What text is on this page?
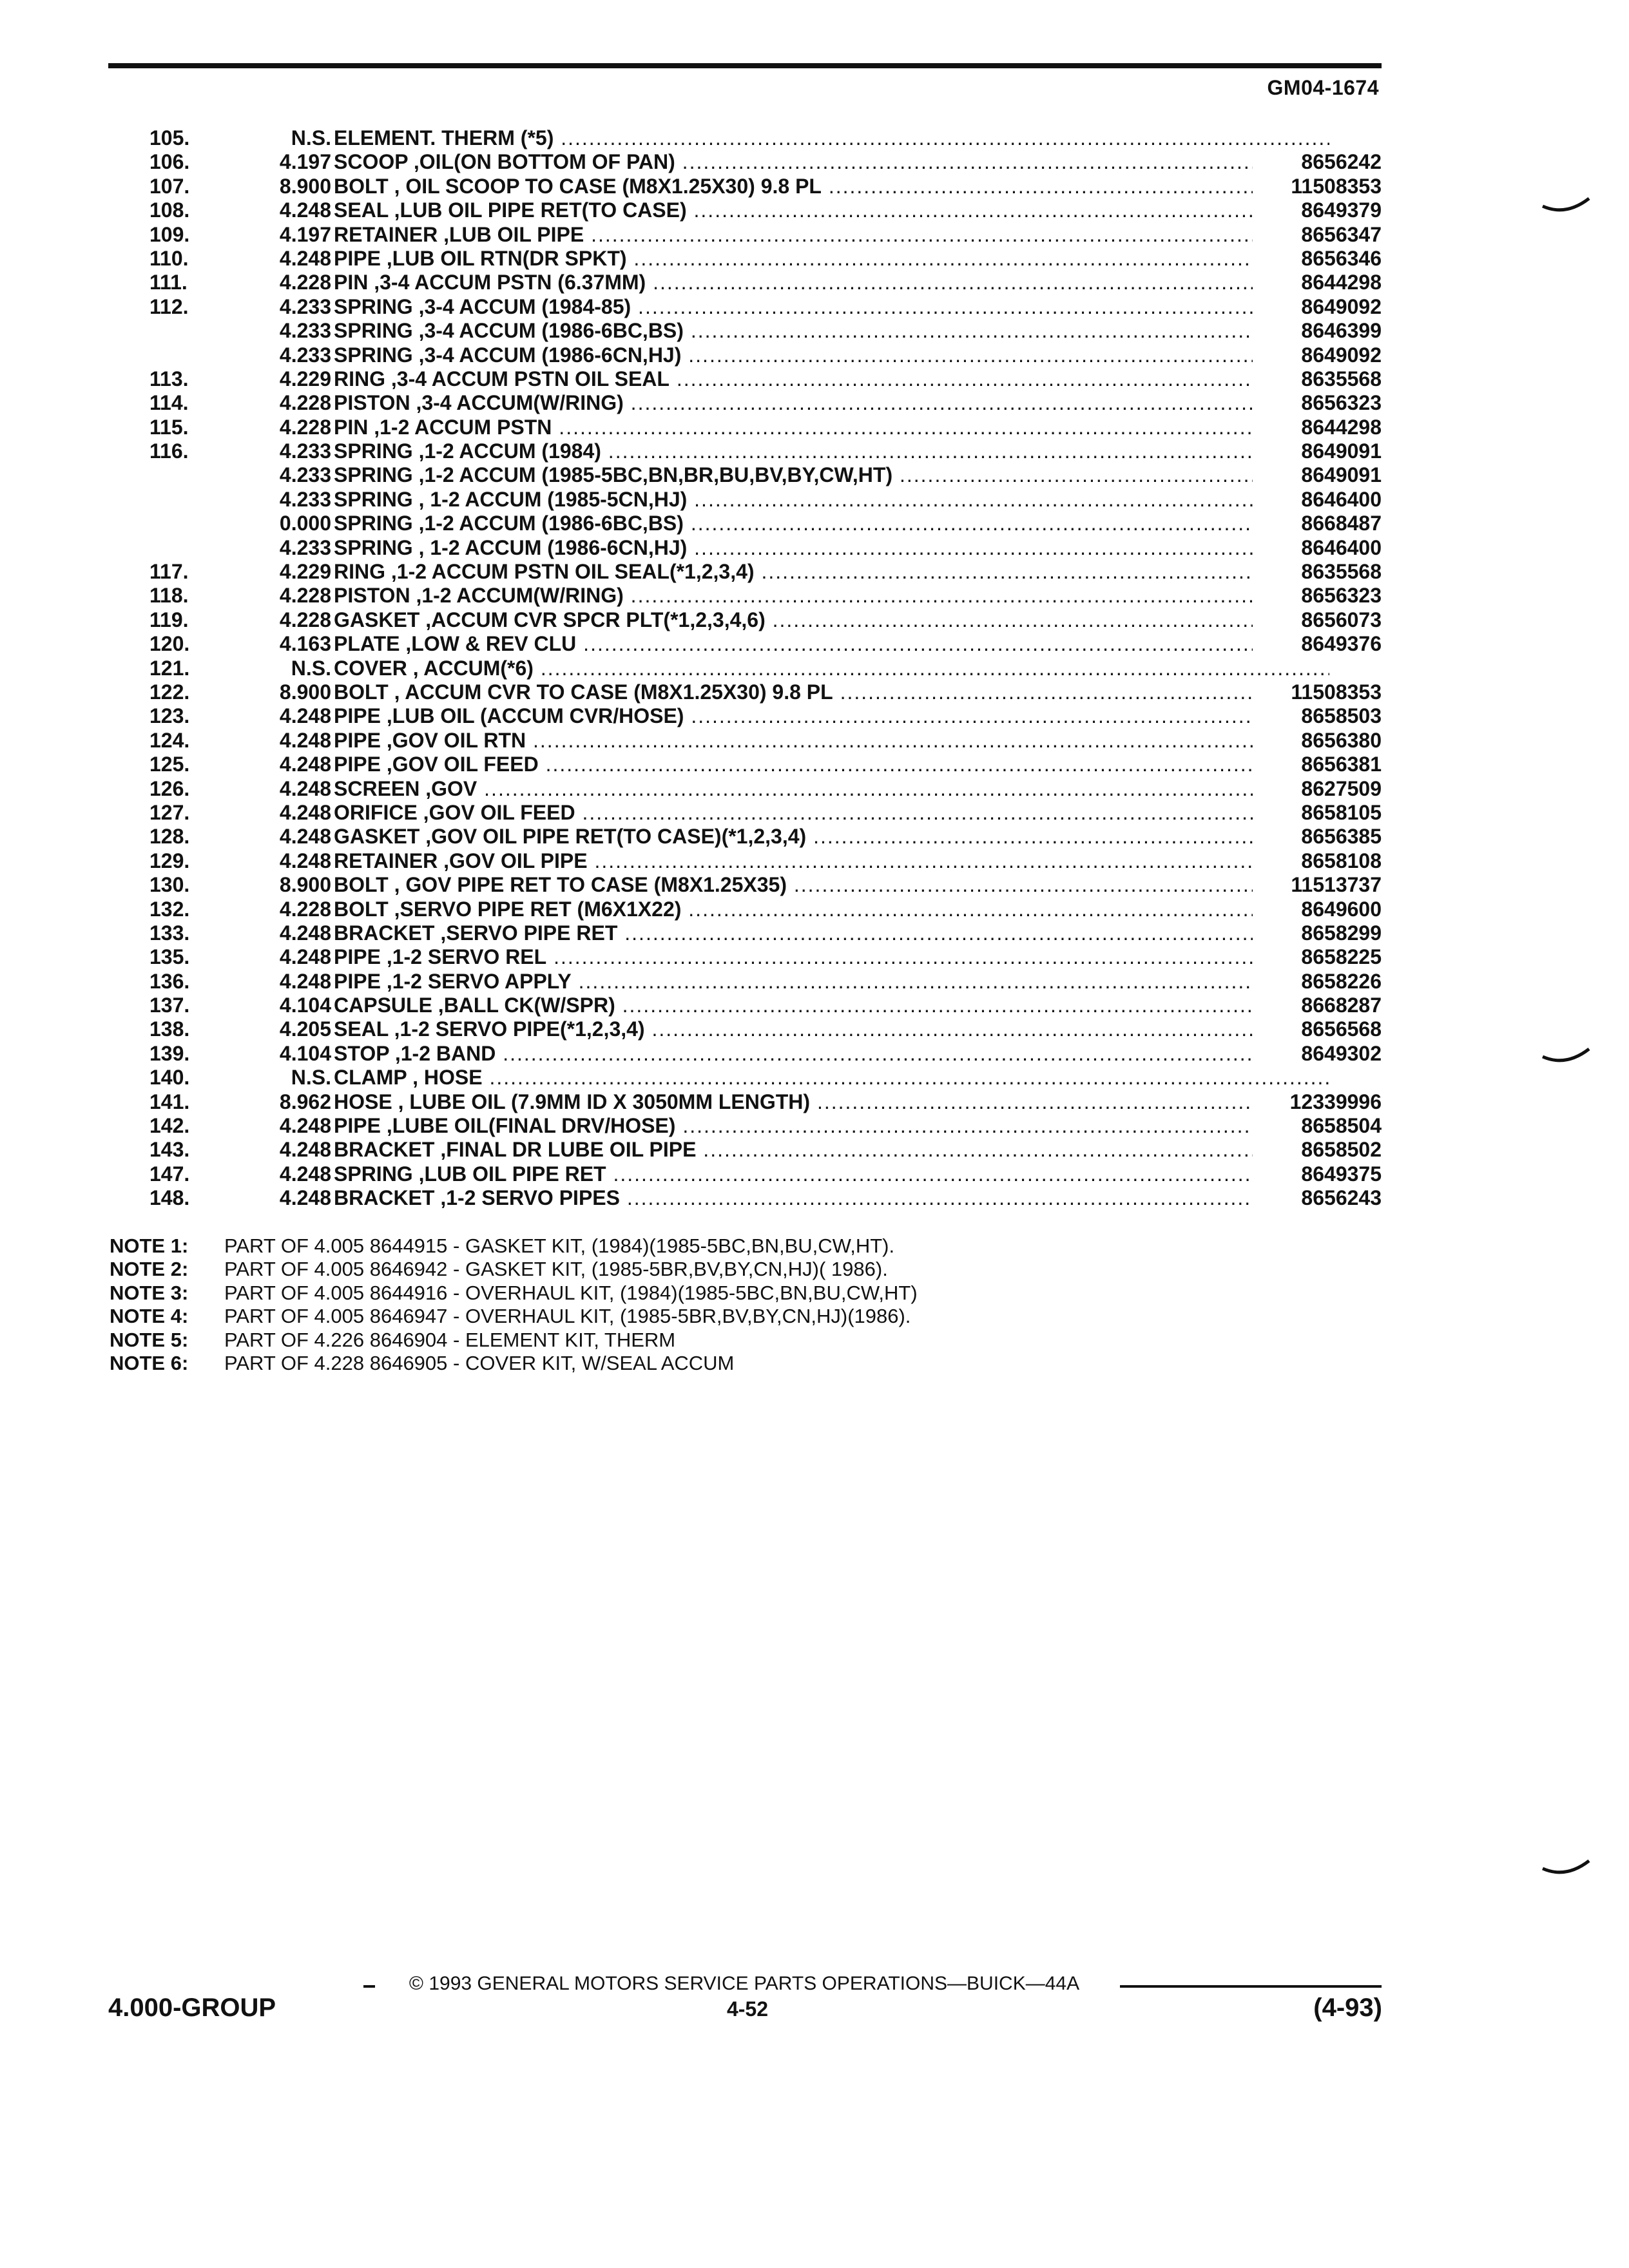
GM04-1674
105.	N.S. ELEMENT. THERM (*5) .....
106.	4.197 SCOOP ,OIL(ON BOTTOM OF PAN) .....	8656242
107.	8.900 BOLT , OIL SCOOP TO CASE (M8X1.25X30) 9.8 PL .....	11508353
108.	4.248 SEAL ,LUB OIL PIPE RET(TO CASE) .....	8649379
109.	4.197 RETAINER ,LUB OIL PIPE .....	8656347
110.	4.248 PIPE ,LUB OIL RTN(DR SPKT) .....	8656346
111.	4.228 PIN ,3-4 ACCUM PSTN (6.37MM) .....	8644298
112.	4.233 SPRING ,3-4 ACCUM (1984-85) .....	8649092
4.233 SPRING ,3-4 ACCUM (1986-6BC,BS) .....	8646399
4.233 SPRING ,3-4 ACCUM (1986-6CN,HJ) .....	8649092
113.	4.229 RING ,3-4 ACCUM PSTN OIL SEAL .....	8635568
114.	4.228 PISTON ,3-4 ACCUM(W/RING) .....	8656323
115.	4.228 PIN ,1-2 ACCUM PSTN .....	8644298
116.	4.233 SPRING ,1-2 ACCUM (1984) .....	8649091
4.233 SPRING ,1-2 ACCUM (1985-5BC,BN,BR,BU,BV,BY,CW,HT) .....	8649091
4.233 SPRING , 1-2 ACCUM (1985-5CN,HJ) .....	8646400
0.000 SPRING ,1-2 ACCUM (1986-6BC,BS) .....	8668487
4.233 SPRING , 1-2 ACCUM (1986-6CN,HJ) .....	8646400
117.	4.229 RING ,1-2 ACCUM PSTN OIL SEAL(*1,2,3,4) .....	8635568
118.	4.228 PISTON ,1-2 ACCUM(W/RING) .....	8656323
119.	4.228 GASKET ,ACCUM CVR SPCR PLT(*1,2,3,4,6) .....	8656073
120.	4.163 PLATE ,LOW & REV CLU .....	8649376
121.	N.S. COVER , ACCUM(*6) .....
122.	8.900 BOLT , ACCUM CVR TO CASE (M8X1.25X30) 9.8 PL .....	11508353
123.	4.248 PIPE ,LUB OIL (ACCUM CVR/HOSE) .....	8658503
124.	4.248 PIPE ,GOV OIL RTN .....	8656380
125.	4.248 PIPE ,GOV OIL FEED .....	8656381
126.	4.248 SCREEN ,GOV .....	8627509
127.	4.248 ORIFICE ,GOV OIL FEED .....	8658105
128.	4.248 GASKET ,GOV OIL PIPE RET(TO CASE)(*1,2,3,4) .....	8656385
129.	4.248 RETAINER ,GOV OIL PIPE .....	8658108
130.	8.900 BOLT , GOV PIPE RET TO CASE (M8X1.25X35) .....	11513737
132.	4.228 BOLT ,SERVO PIPE RET (M6X1X22) .....	8649600
133.	4.248 BRACKET ,SERVO PIPE RET .....	8658299
135.	4.248 PIPE ,1-2 SERVO REL .....	8658225
136.	4.248 PIPE ,1-2 SERVO APPLY .....	8658226
137.	4.104 CAPSULE ,BALL CK(W/SPR) .....	8668287
138.	4.205 SEAL ,1-2 SERVO PIPE(*1,2,3,4) .....	8656568
139.	4.104 STOP ,1-2 BAND .....	8649302
140.	N.S. CLAMP , HOSE .....
141.	8.962 HOSE , LUBE OIL (7.9MM ID X 3050MM LENGTH) .....	12339996
142.	4.248 PIPE ,LUBE OIL(FINAL DRV/HOSE) .....	8658504
143.	4.248 BRACKET ,FINAL DR LUBE OIL PIPE .....	8658502
147.	4.248 SPRING ,LUB OIL PIPE RET .....	8649375
148.	4.248 BRACKET ,1-2 SERVO PIPES .....	8656243
NOTE 1: PART OF 4.005 8644915 - GASKET KIT, (1984)(1985-5BC,BN,BU,CW,HT).
NOTE 2: PART OF 4.005 8646942 - GASKET KIT, (1985-5BR,BV,BY,CN,HJ)( 1986).
NOTE 3: PART OF 4.005 8644916 - OVERHAUL KIT, (1984)(1985-5BC,BN,BU,CW,HT)
NOTE 4: PART OF 4.005 8646947 - OVERHAUL KIT, (1985-5BR,BV,BY,CN,HJ)(1986).
NOTE 5: PART OF 4.226 8646904 - ELEMENT KIT, THERM
NOTE 6: PART OF 4.228 8646905 - COVER KIT, W/SEAL ACCUM
© 1993 GENERAL MOTORS SERVICE PARTS OPERATIONS—BUICK—44A
4.000-GROUP	4-52	(4-93)
